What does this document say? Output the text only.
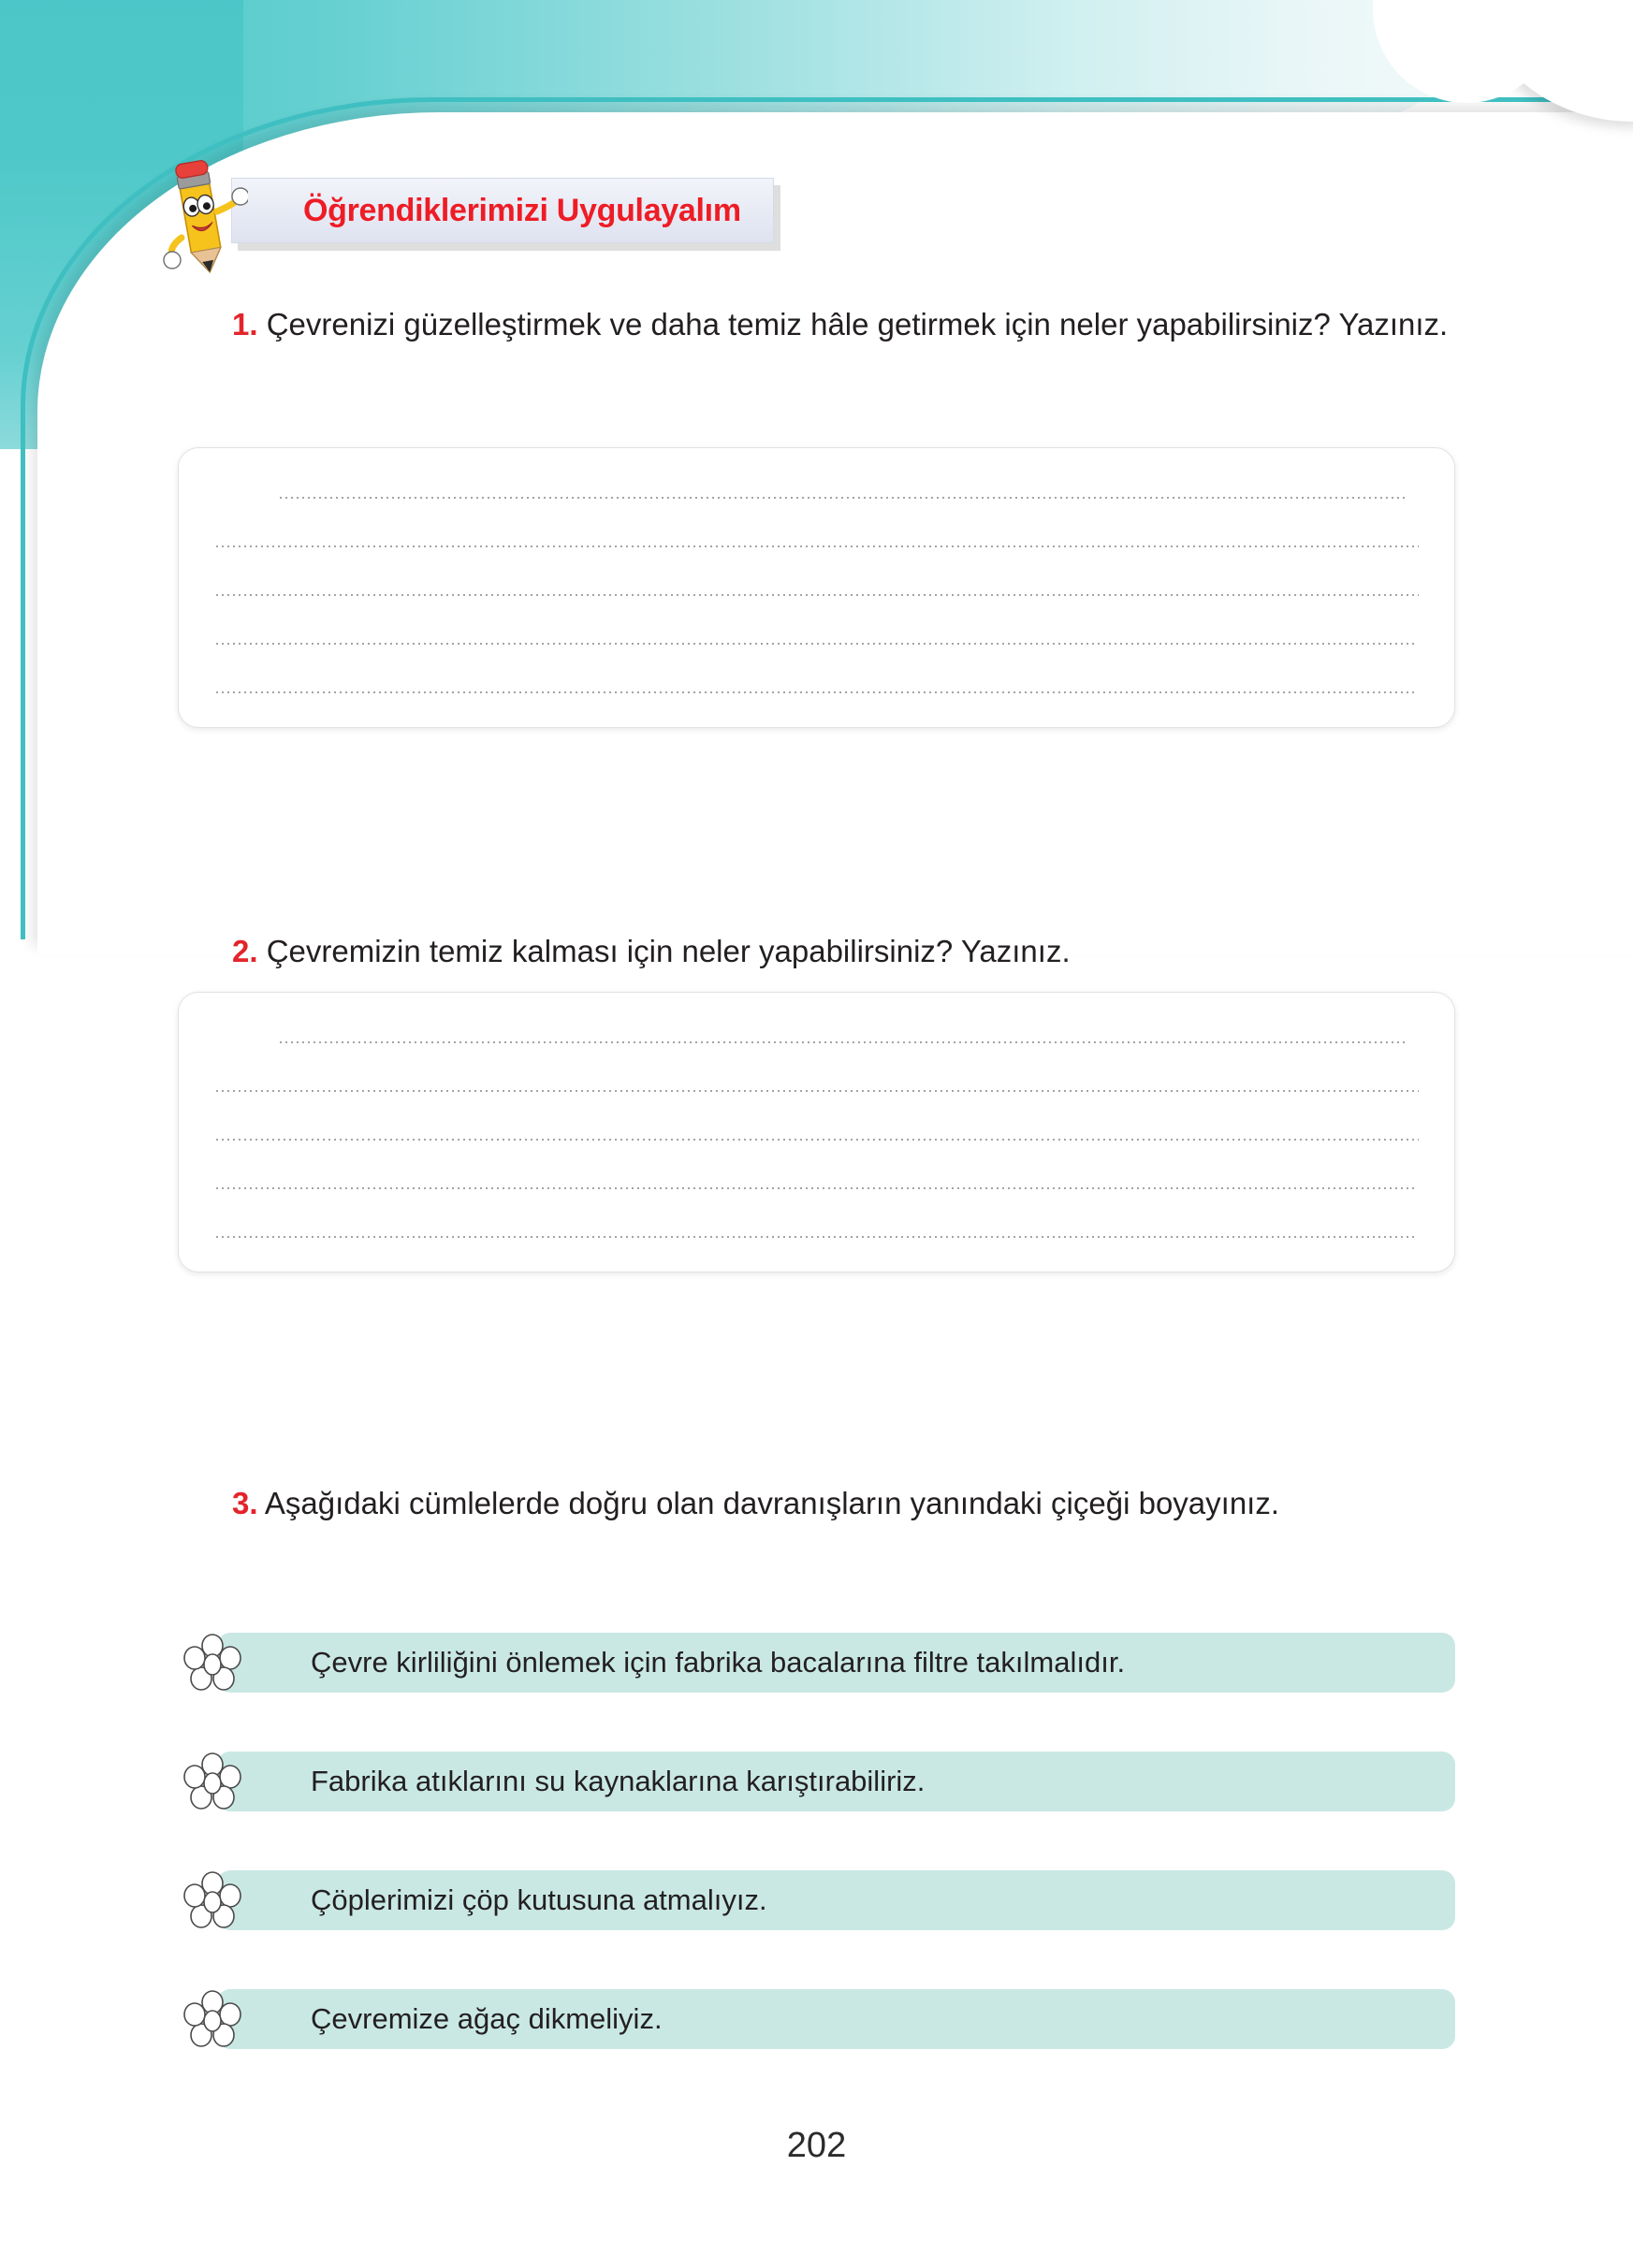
Öğrendiklerimizi Uygulayalım
1. Çevrenizi güzelleştirmek ve daha temiz hâle getirmek için neler yapabilirsiniz? Yazınız.
2. Çevremizin temiz kalması için neler yapabilirsiniz? Yazınız.
3. Aşağıdaki cümlelerde doğru olan davranışların yanındaki çiçeği boyayınız.
Çevre kirliliğini önlemek için fabrika bacalarına filtre takılmalıdır.
Fabrika atıklarını su kaynaklarına karıştırabiliriz.
Çöplerimizi çöp kutusuna atmalıyız.
Çevremize ağaç dikmeliyiz.
202
